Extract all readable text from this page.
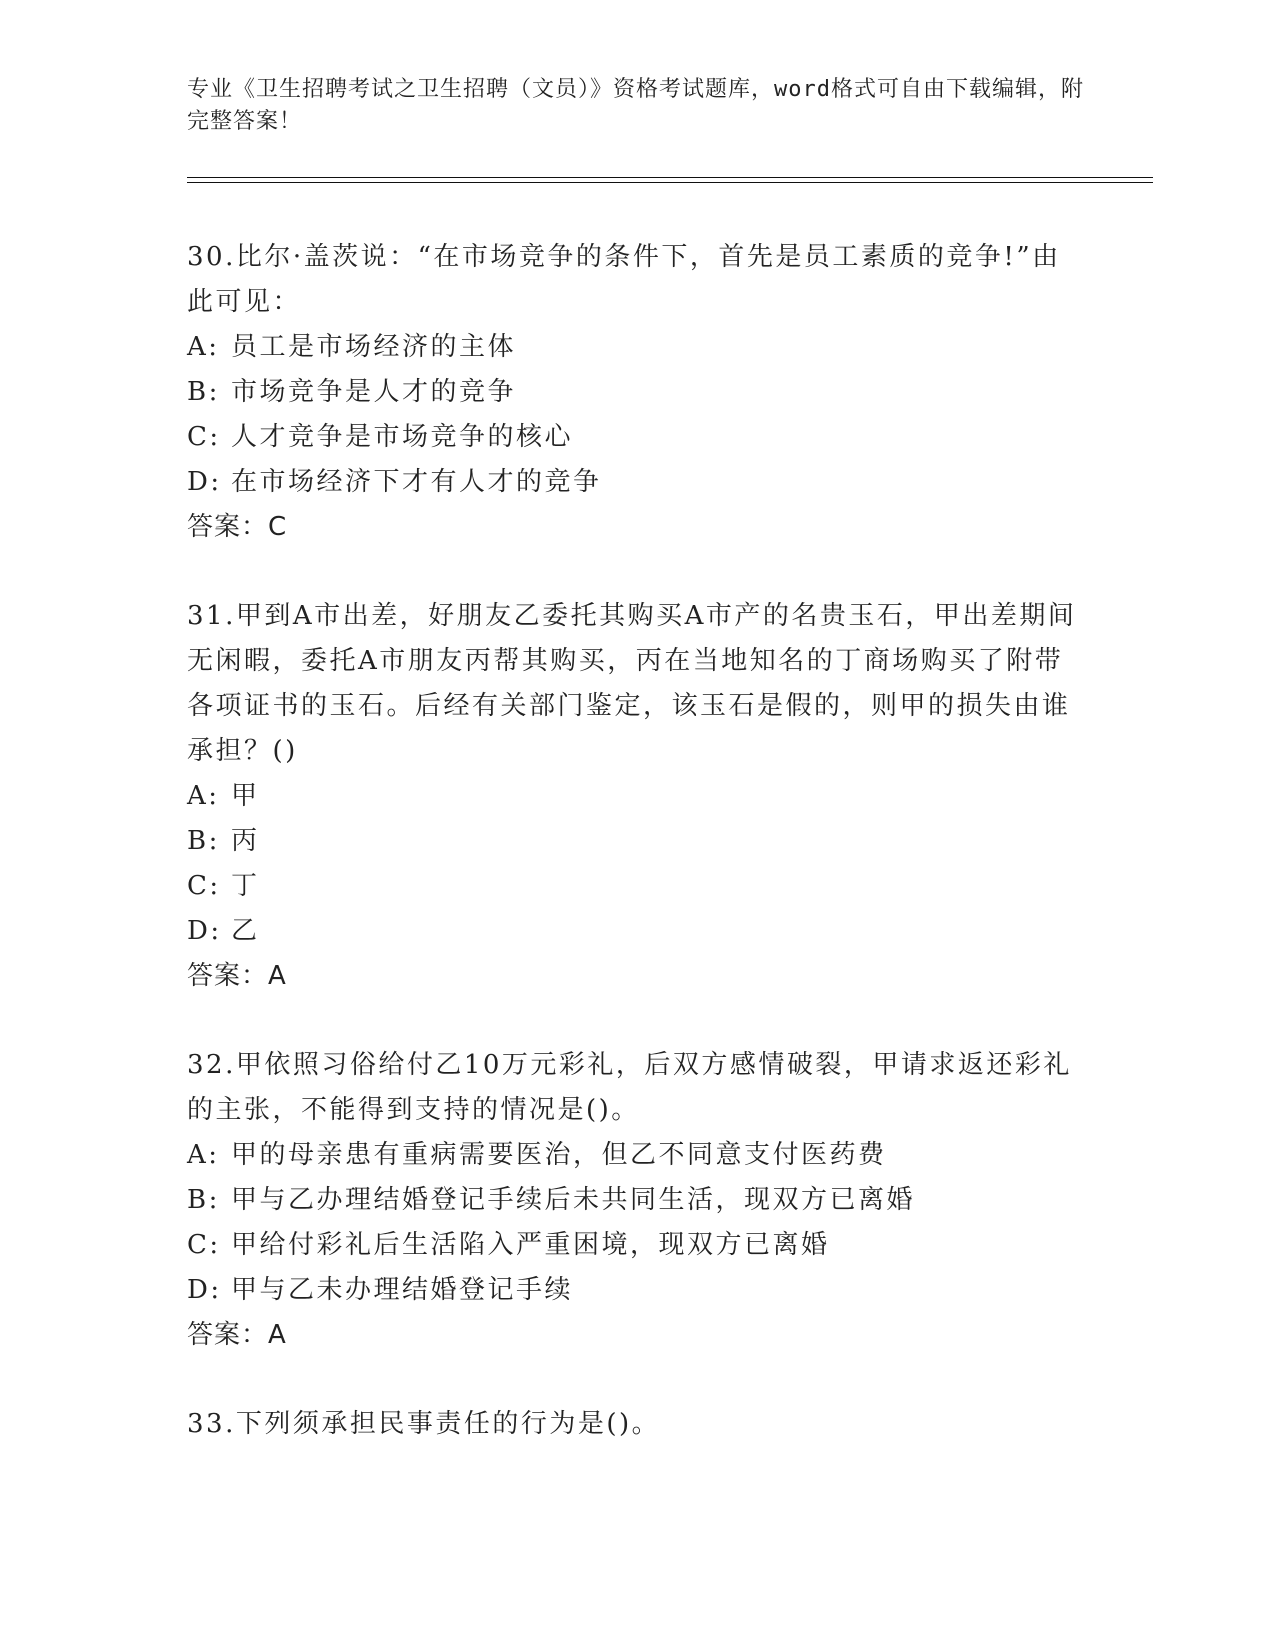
专业《卫生招聘考试之卫生招聘（文员）》资格考试题库，word格式可自由下载编辑，附完整答案！

30.比尔·盖茨说：“在市场竞争的条件下，首先是员工素质的竞争!”由此可见：

A: 员工是市场经济的主体

B: 市场竞争是人才的竞争

C: 人才竞争是市场竞争的核心

D: 在市场经济下才有人才的竞争

答案：C

31.甲到A市出差，好朋友乙委托其购买A市产的名贵玉石，甲出差期间无闲暇，委托A市朋友丙帮其购买，丙在当地知名的丁商场购买了附带各项证书的玉石。后经有关部门鉴定，该玉石是假的，则甲的损失由谁承担？()

A: 甲

B: 丙

C: 丁

D: 乙

答案：A

32.甲依照习俗给付乙10万元彩礼，后双方感情破裂，甲请求返还彩礼的主张，不能得到支持的情况是()。

A: 甲的母亲患有重病需要医治，但乙不同意支付医药费

B: 甲与乙办理结婚登记手续后未共同生活，现双方已离婚

C: 甲给付彩礼后生活陷入严重困境，现双方已离婚

D: 甲与乙未办理结婚登记手续

答案：A

33.下列须承担民事责任的行为是()。
